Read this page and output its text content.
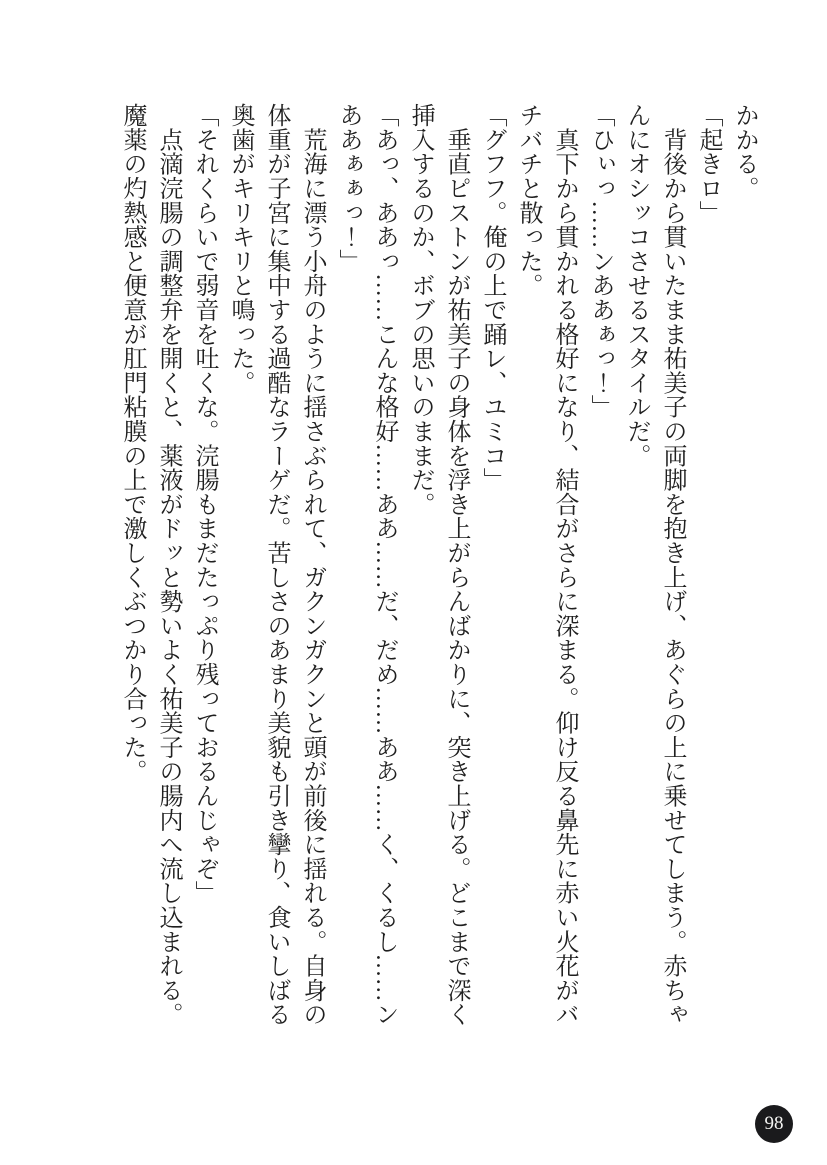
かかる。

「起きロ」

　背後から貫いたまま祐美子の両脚を抱き上げ、あぐらの上に乗せてしまう。赤ちゃ

んにオシッコさせるスタイルだ。

「ひぃっ……ンああぁっ！」

　真下から貫かれる格好になり、結合がさらに深まる。仰け反る鼻先に赤い火花がバ

チバチと散った。

「グフフ。俺の上で踊レ、ユミコ」

　垂直ピストンが祐美子の身体を浮き上がらんばかりに、突き上げる。どこまで深く

挿入するのか、ボブの思いのままだ。

「あっ、ああっ……こんな格好……ああ……だ、だめ……ああ……く、くるし……ン

ああぁぁっ！」

　荒海に漂う小舟のように揺さぶられて、ガクンガクンと頭が前後に揺れる。自身の

体重が子宮に集中する過酷なラーゲだ。苦しさのあまり美貌も引き攣り、食いしばる

奥歯がキリキリと鳴った。

「それくらいで弱音を吐くな。浣腸もまだたっぷり残っておるんじゃぞ」

　点滴浣腸の調整弁を開くと、薬液がドッと勢いよく祐美子の腸内へ流し込まれる。

魔薬の灼熱感と便意が肛門粘膜の上で激しくぶつかり合った。

98
